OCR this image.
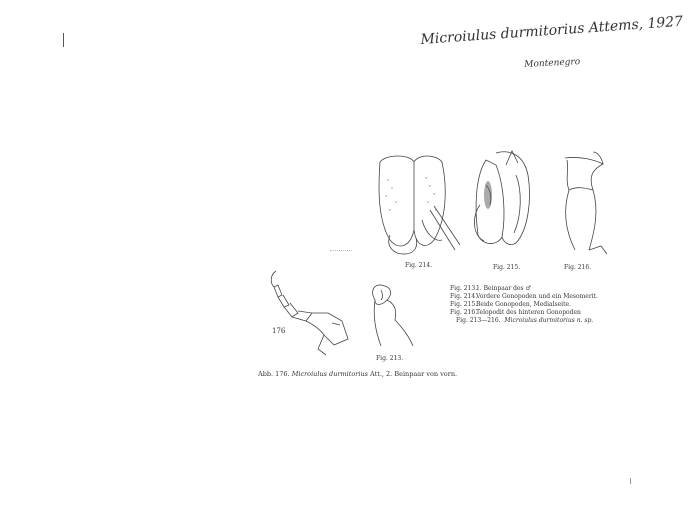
Microiulus durmitorius Attems, 1927
Montenegro
Fig. 214.	Fig. 215.	Fig. 216.
176
Fig. 213.
Fig. 213.1. Beinpaar des ♂
Fig. 214.Vordere Gonopoden und ein Mesomerit.
Fig. 215.Beide Gonopoden, Medialseite.
Fig. 216.Telopodit des hinteren Gonopoden
Fig. 213—216. Microiulus durmitorius n. sp.
Abb. 176. Microiulus durmitorius Att., 2. Beinpaar von vorn.
